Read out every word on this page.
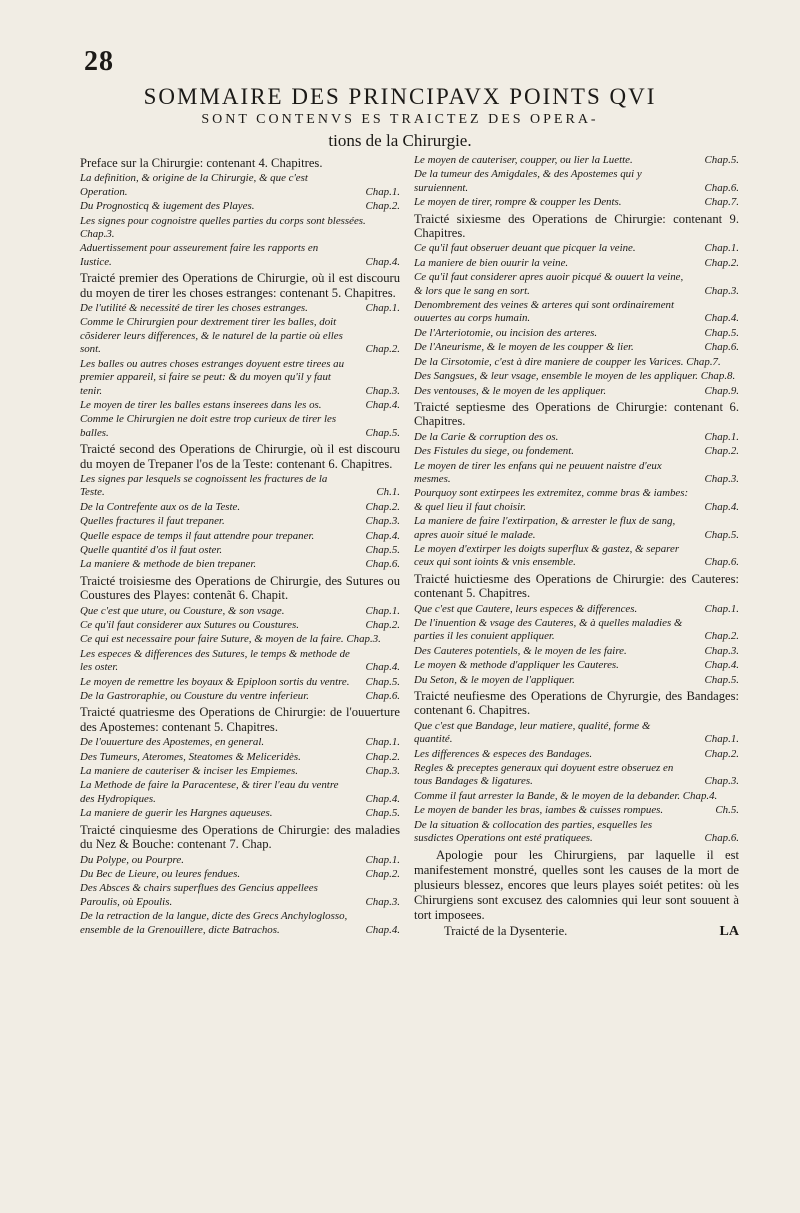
28
SOMMAIRE DES PRINCIPAVX POINTS QVI
SONT CONTENVS ES TRAICTEZ DES OPERA-
tions de la Chirurgie.
Preface sur la Chirurgie: contenant 4. Chapitres.
La definition, & origine de la Chirurgie, & que c'est Operation.	Chap.1.
Du Prognosticq & iugement des Playes.	Chap.2.
Les signes pour cognoistre quelles parties du corps sont blessées. Chap.3.
Aduertissement pour asseurement faire les rapports en Iustice.	Chap.4.
Traicté premier des Operations de Chirurgie, où il est discouru du moyen de tirer les choses estranges: contenant 5. Chapitres.
De l'utilité & necessité de tirer les choses estranges.	Chap.1.
Comme le Chirurgien pour dextrement tirer les balles, doit cõsiderer leurs differences, & le naturel de la partie où elles sont.	Chap.2.
Les balles ou autres choses estranges doyuent estre tirees au premier appareil, si faire se peut: & du moyen qu'il y faut tenir.	Chap.3.
Le moyen de tirer les balles estans inserees dans les os.	Chap.4.
Comme le Chirurgien ne doit estre trop curieux de tirer les balles.	Chap.5.
Traicté second des Operations de Chirurgie, où il est discouru du moyen de Trepaner l'os de la Teste: contenant 6. Chapitres.
Les signes par lesquels se cognoissent les fractures de la Teste.	Ch.1.
De la Contrefente aux os de la Teste.	Chap.2.
Quelles fractures il faut trepaner.	Chap.3.
Quelle espace de temps il faut attendre pour trepaner.	Chap.4.
Quelle quantité d'os il faut oster.	Chap.5.
La maniere & methode de bien trepaner.	Chap.6.
Traicté troisiesme des Operations de Chirurgie, des Sutures ou Coustures des Playes: contenãt 6. Chapit.
Que c'est que uture, ou Cousture, & son vsage.	Chap.1.
Ce qu'il faut considerer aux Sutures ou Coustures.	Chap.2.
Ce qui est necessaire pour faire Suture, & moyen de la faire. Chap.3.
Les especes & differences des Sutures, le temps & methode de les oster.	Chap.4.
Le moyen de remettre les boyaux & Epiploon sortis du ventre. Chap.5.
De la Gastroraphie, ou Cousture du ventre inferieur.	Chap.6.
Traicté quatriesme des Operations de Chirurgie: de l'ouuerture des Apostemes: contenant 5. Chapitres.
De l'ouuerture des Apostemes, en general.	Chap.1.
Des Tumeurs, Ateromes, Steatomes & Meliceridès.	Chap.2.
La maniere de cauteriser & inciser les Empiemes.	Chap.3.
La Methode de faire la Paracentese, & tirer l'eau du ventre des Hydropiques.	Chap.4.
La maniere de guerir les Hargnes aqueuses.	Chap.5.
Traicté cinquiesme des Operations de Chirurgie: des maladies du Nez & Bouche: contenant 7. Chap.
Du Polype, ou Pourpre.	Chap.1.
Du Bec de Lieure, ou leures fendues.	Chap.2.
Des Absces & chairs superflues des Gencius appellees Paroulis, où Epoulis.	Chap.3.
De la retraction de la langue, dicte des Grecs Anchyloglosso, ensemble de la Grenouillere, dicte Batrachos.	Chap.4.
Le moyen de cauteriser, coupper, ou lier la Luette.	Chap.5.
De la tumeur des Amigdales, & des Apostemes qui y suruiennent.	Chap.6.
Le moyen de tirer, rompre & coupper les Dents.	Chap.7.
Traicté sixiesme des Operations de Chirurgie: contenant 9. Chapitres.
Ce qu'il faut obseruer deuant que picquer la veine.	Chap.1.
La maniere de bien ouurir la veine.	Chap.2.
Ce qu'il faut considerer apres auoir picqué & ouuert la veine, & lors que le sang en sort.	Chap.3.
Denombrement des veines & arteres qui sont ordinairement ouuertes au corps humain.	Chap.4.
De l'Arteriotomie, ou incision des arteres.	Chap.5.
De l'Aneurisme, & le moyen de les coupper & lier.	Chap.6.
De la Cirsotomie, c'est à dire maniere de coupper les Varices. Chap.7.
Des Sangsues, & leur vsage, ensemble le moyen de les appliquer. Chap.8.
Des ventouses, & le moyen de les appliquer.	Chap.9.
Traicté septiesme des Operations de Chirurgie: contenant 6. Chapitres.
De la Carie & corruption des os.	Chap.1.
Des Fistules du siege, ou fondement.	Chap.2.
Le moyen de tirer les enfans qui ne peuuent naistre d'eux mesmes.	Chap.3.
Pourquoy sont extirpees les extremitez, comme bras & iambes: & quel lieu il faut choisir.	Chap.4.
La maniere de faire l'extirpation, & arrester le flux de sang, apres auoir situé le malade.	Chap.5.
Le moyen d'extirper les doigts superflux & gastez, & separer ceux qui sont ioints & vnis ensemble.	Chap.6.
Traicté huictiesme des Operations de Chirurgie: des Cauteres: contenant 5. Chapitres.
Que c'est que Cautere, leurs especes & differences.	Chap.1.
De l'inuention & vsage des Cauteres, & à quelles maladies & parties il les conuient appliquer.	Chap.2.
Des Cauteres potentiels, & le moyen de les faire.	Chap.3.
Le moyen & methode d'appliquer les Cauteres.	Chap.4.
Du Seton, & le moyen de l'appliquer.	Chap.5.
Traicté neufiesme des Operations de Chyrurgie, des Bandages: contenant 6. Chapitres.
Que c'est que Bandage, leur matiere, qualité, forme & quantité.	Chap.1.
Les differences & especes des Bandages.	Chap.2.
Regles & preceptes generaux qui doyuent estre obseruez en tous Bandages & ligatures.	Chap.3.
Comme il faut arrester la Bande, & le moyen de la debander. Chap.4.
Le moyen de bander les bras, iambes & cuisses rompues.	Ch.5.
De la situation & collocation des parties, esquelles les susdictes Operations ont esté pratiquees.	Chap.6.
Apologie pour les Chirurgiens, par laquelle il est manifestement monstré, quelles sont les causes de la mort de plusieurs blessez, encores que leurs playes soiét petites: où les Chirurgiens sont excusez des calomnies qui leur sont souuent à tort imposees.
Traicté de la Dysenterie.	LA
